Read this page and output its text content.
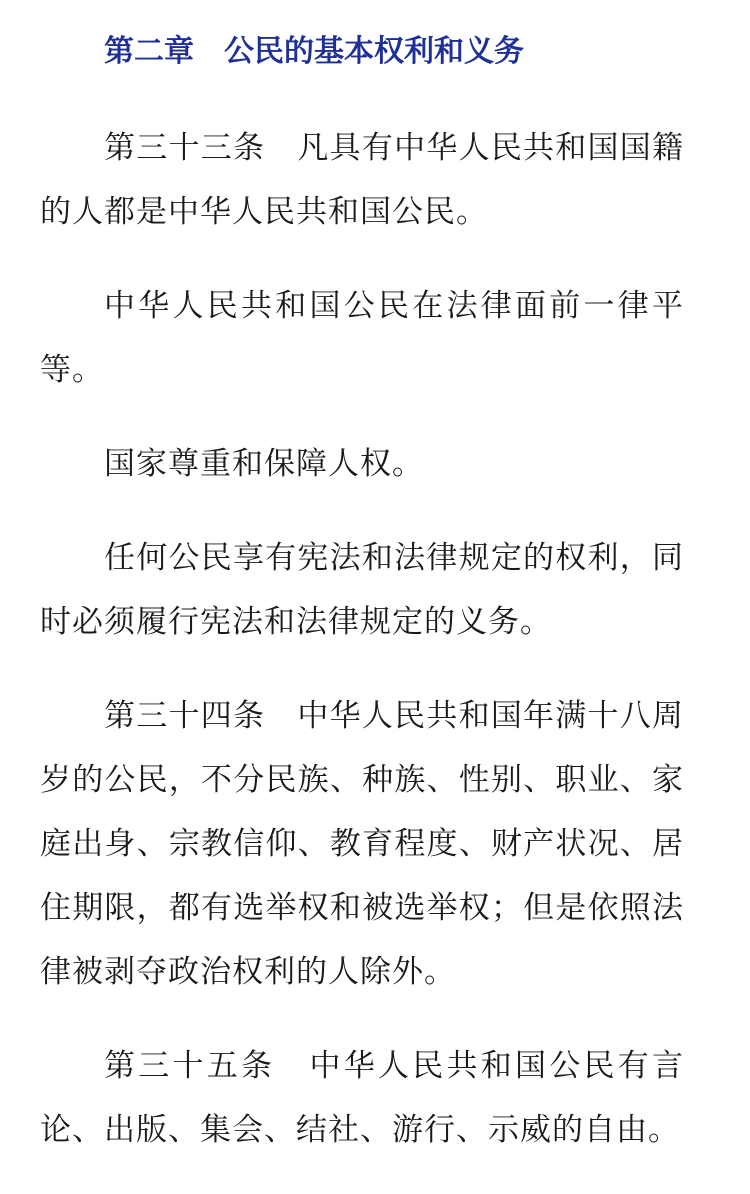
第二章　公民的基本权利和义务

第三十三条　凡具有中华人民共和国国籍的人都是中华人民共和国公民。

中华人民共和国公民在法律面前一律平等。

国家尊重和保障人权。

任何公民享有宪法和法律规定的权利，同时必须履行宪法和法律规定的义务。

第三十四条　中华人民共和国年满十八周岁的公民，不分民族、种族、性别、职业、家庭出身、宗教信仰、教育程度、财产状况、居住期限，都有选举权和被选举权；但是依照法律被剥夺政治权利的人除外。

第三十五条　中华人民共和国公民有言论、出版、集会、结社、游行、示威的自由。
